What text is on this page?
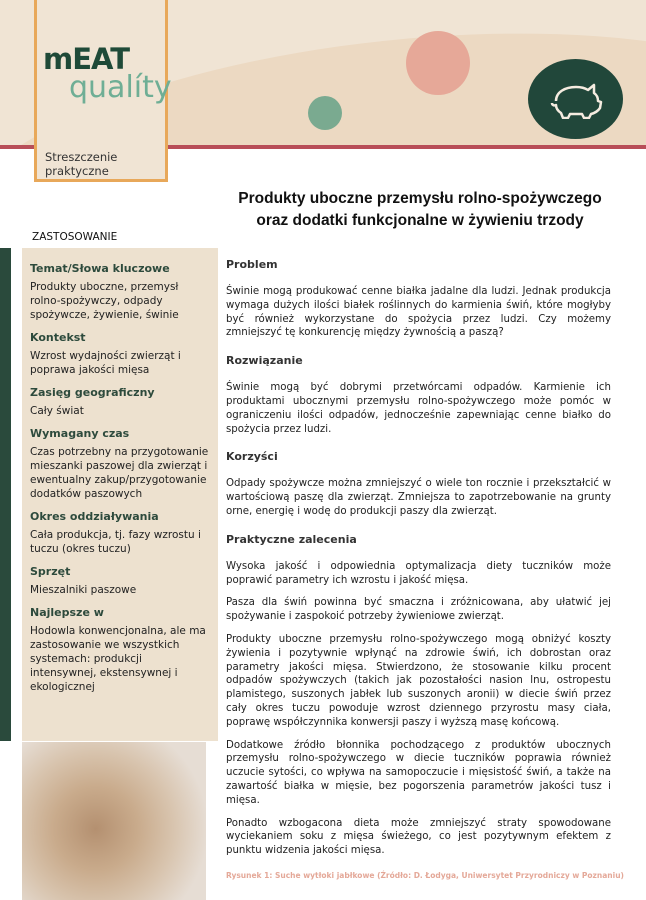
mEAT
qualíty
Streszczenie praktyczne
Produkty uboczne przemysłu rolno-spożywczego
oraz dodatki funkcjonalne w żywieniu trzody
ZASTOSOWANIE
Temat/Słowa kluczowe

Produkty uboczne, przemysł rolno-spożywczy, odpady spożywcze, żywienie, świnie

Kontekst

Wzrost wydajności zwierząt i poprawa jakości mięsa

Zasięg geograficzny

Cały świat

Wymagany czas

Czas potrzebny na przygotowanie mieszanki paszowej dla zwierząt i ewentualny zakup/przygotowanie dodatków paszowych

Okres oddziaływania

Cała produkcja, tj. fazy wzrostu i tuczu (okres tuczu)

Sprzęt

Mieszalniki paszowe

Najlepsze w

Hodowla konwencjonalna, ale ma zastosowanie we wszystkich systemach: produkcji intensywnej, ekstensywnej i ekologicznej

Problem

Świnie mogą produkować cenne białka jadalne dla ludzi. Jednak produkcja wymaga dużych ilości białek roślinnych do karmienia świń, które mogłyby być również wykorzystane do spożycia przez ludzi. Czy możemy zmniejszyć tę konkurencję między żywnością a paszą?

Rozwiązanie

Świnie mogą być dobrymi przetwórcami odpadów. Karmienie ich produktami ubocznymi przemysłu rolno-spożywczego może pomóc w ograniczeniu ilości odpadów, jednocześnie zapewniając cenne białko do spożycia przez ludzi.

Korzyści

Odpady spożywcze można zmniejszyć o wiele ton rocznie i przekształcić w wartościową paszę dla zwierząt. Zmniejsza to zapotrzebowanie na grunty orne, energię i wodę do produkcji paszy dla zwierząt.

Praktyczne zalecenia

Wysoka jakość i odpowiednia optymalizacja diety tuczników może poprawić parametry ich wzrostu i jakość mięsa.

Pasza dla świń powinna być smaczna i zróżnicowana, aby ułatwić jej spożywanie i zaspokoić potrzeby żywieniowe zwierząt.

Produkty uboczne przemysłu rolno-spożywczego mogą obniżyć koszty żywienia i pozytywnie wpłynąć na zdrowie świń, ich dobrostan oraz parametry jakości mięsa. Stwierdzono, że stosowanie kilku procent odpadów spożywczych (takich jak pozostałości nasion lnu, ostropestu plamistego, suszonych jabłek lub suszonych aronii) w diecie świń przez cały okres tuczu powoduje wzrost dziennego przyrostu masy ciała, poprawę współczynnika konwersji paszy i wyższą masę końcową.

Dodatkowe źródło błonnika pochodzącego z produktów ubocznych przemysłu rolno-spożywczego w diecie tuczników poprawia również uczucie sytości, co wpływa na samopoczucie i mięsistość świń, a także na zawartość białka w mięsie, bez pogorszenia parametrów jakości tusz i mięsa.

Ponadto wzbogacona dieta może zmniejszyć straty spowodowane wyciekaniem soku z mięsa świeżego, co jest pozytywnym efektem z punktu widzenia jakości mięsa.

Rysunek 1: Suche wytłoki jabłkowe (Źródło: D. Łodyga, Uniwersytet Przyrodniczy w Poznaniu)
